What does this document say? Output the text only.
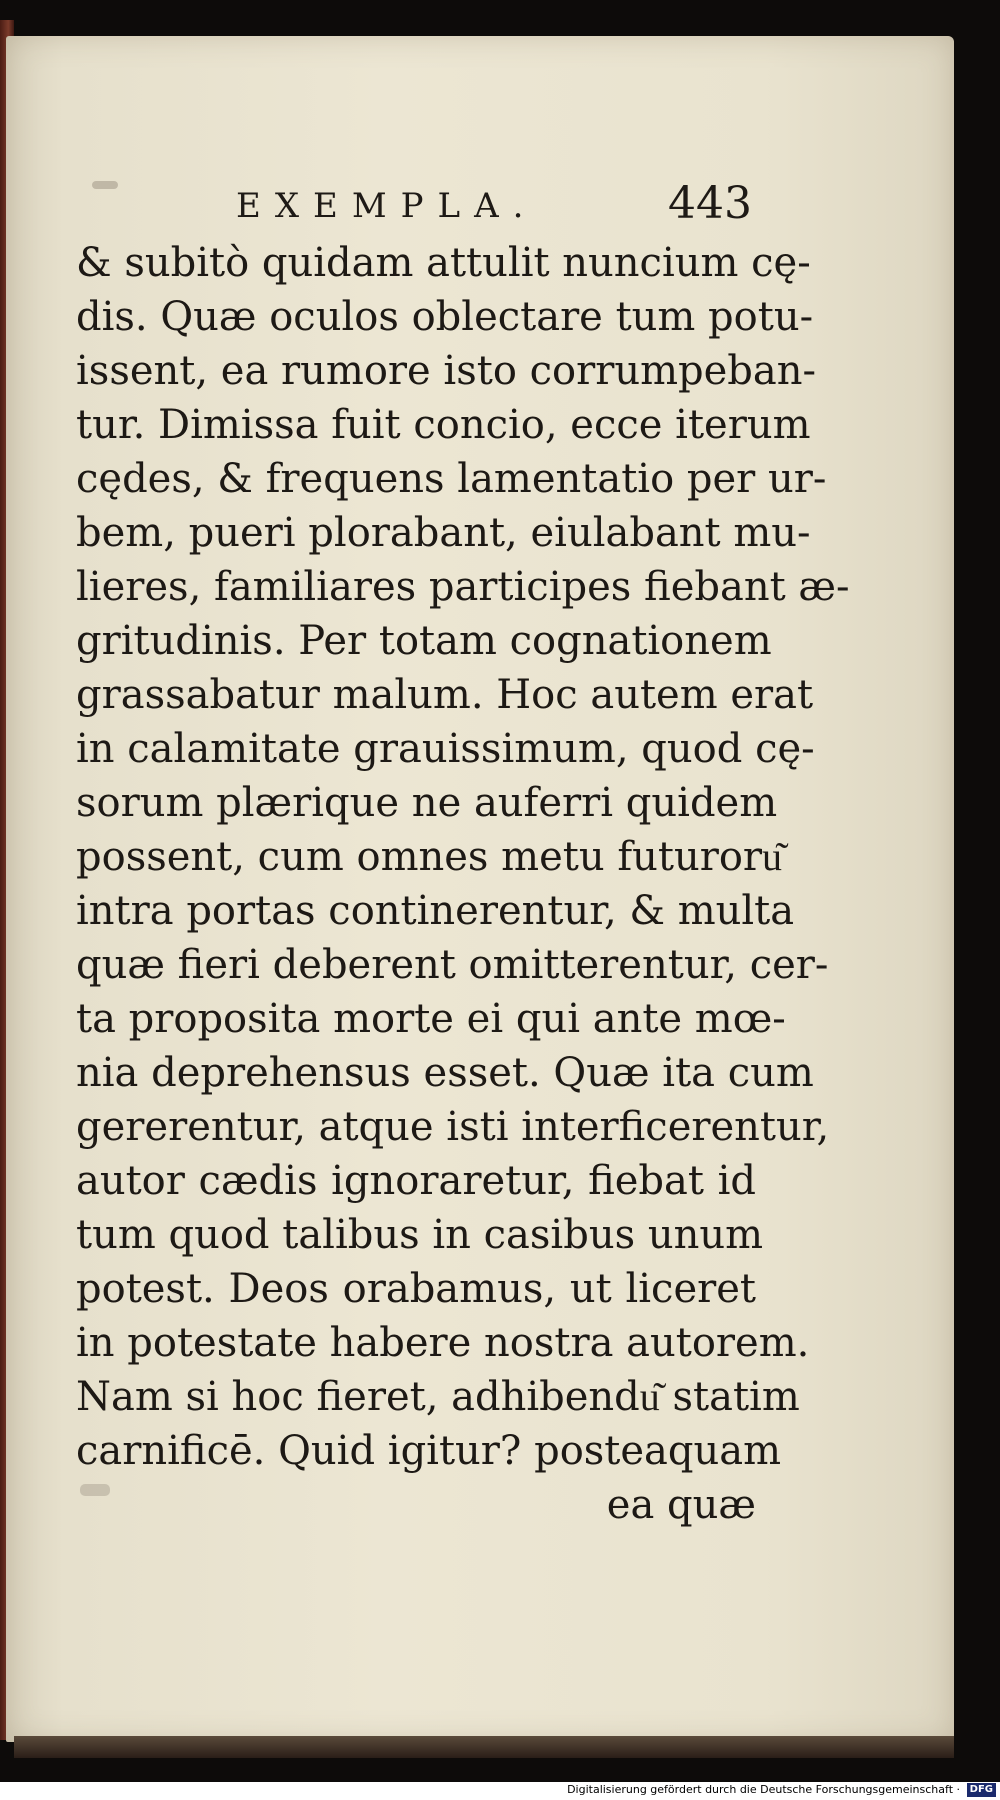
EXEMPLA.	443
& subitò quidam attulit nuncium cę-
dis. Quæ oculos oblectare tum potu-
issent, ea rumore isto corrumpeban-
tur. Dimissa fuit concio, ecce iterum
cędes, & frequens lamentatio per ur-
bem, pueri plorabant, eiulabant mu-
lieres, familiares participes fiebant æ-
gritudinis. Per totam cognationem
grassabatur malum. Hoc autem erat
in calamitate grauissimum, quod cę-
sorum plærique ne auferri quidem
possent, cum omnes metu futuroru͂
intra portas continerentur, & multa
quæ fieri deberent omitterentur, cer-
ta proposita morte ei qui ante mœ-
nia deprehensus esset. Quæ ita cum
gererentur, atque isti interficerentur,
autor cædis ignoraretur, fiebat id
tum quod talibus in casibus unum
potest. Deos orabamus, ut liceret
in potestate habere nostra autorem.
Nam si hoc fieret, adhibendu͂ statim
carnificē. Quid igitur? posteaquam
ea quæ
Digitalisierung gefördert durch die Deutsche Forschungsgemeinschaft · DFG
